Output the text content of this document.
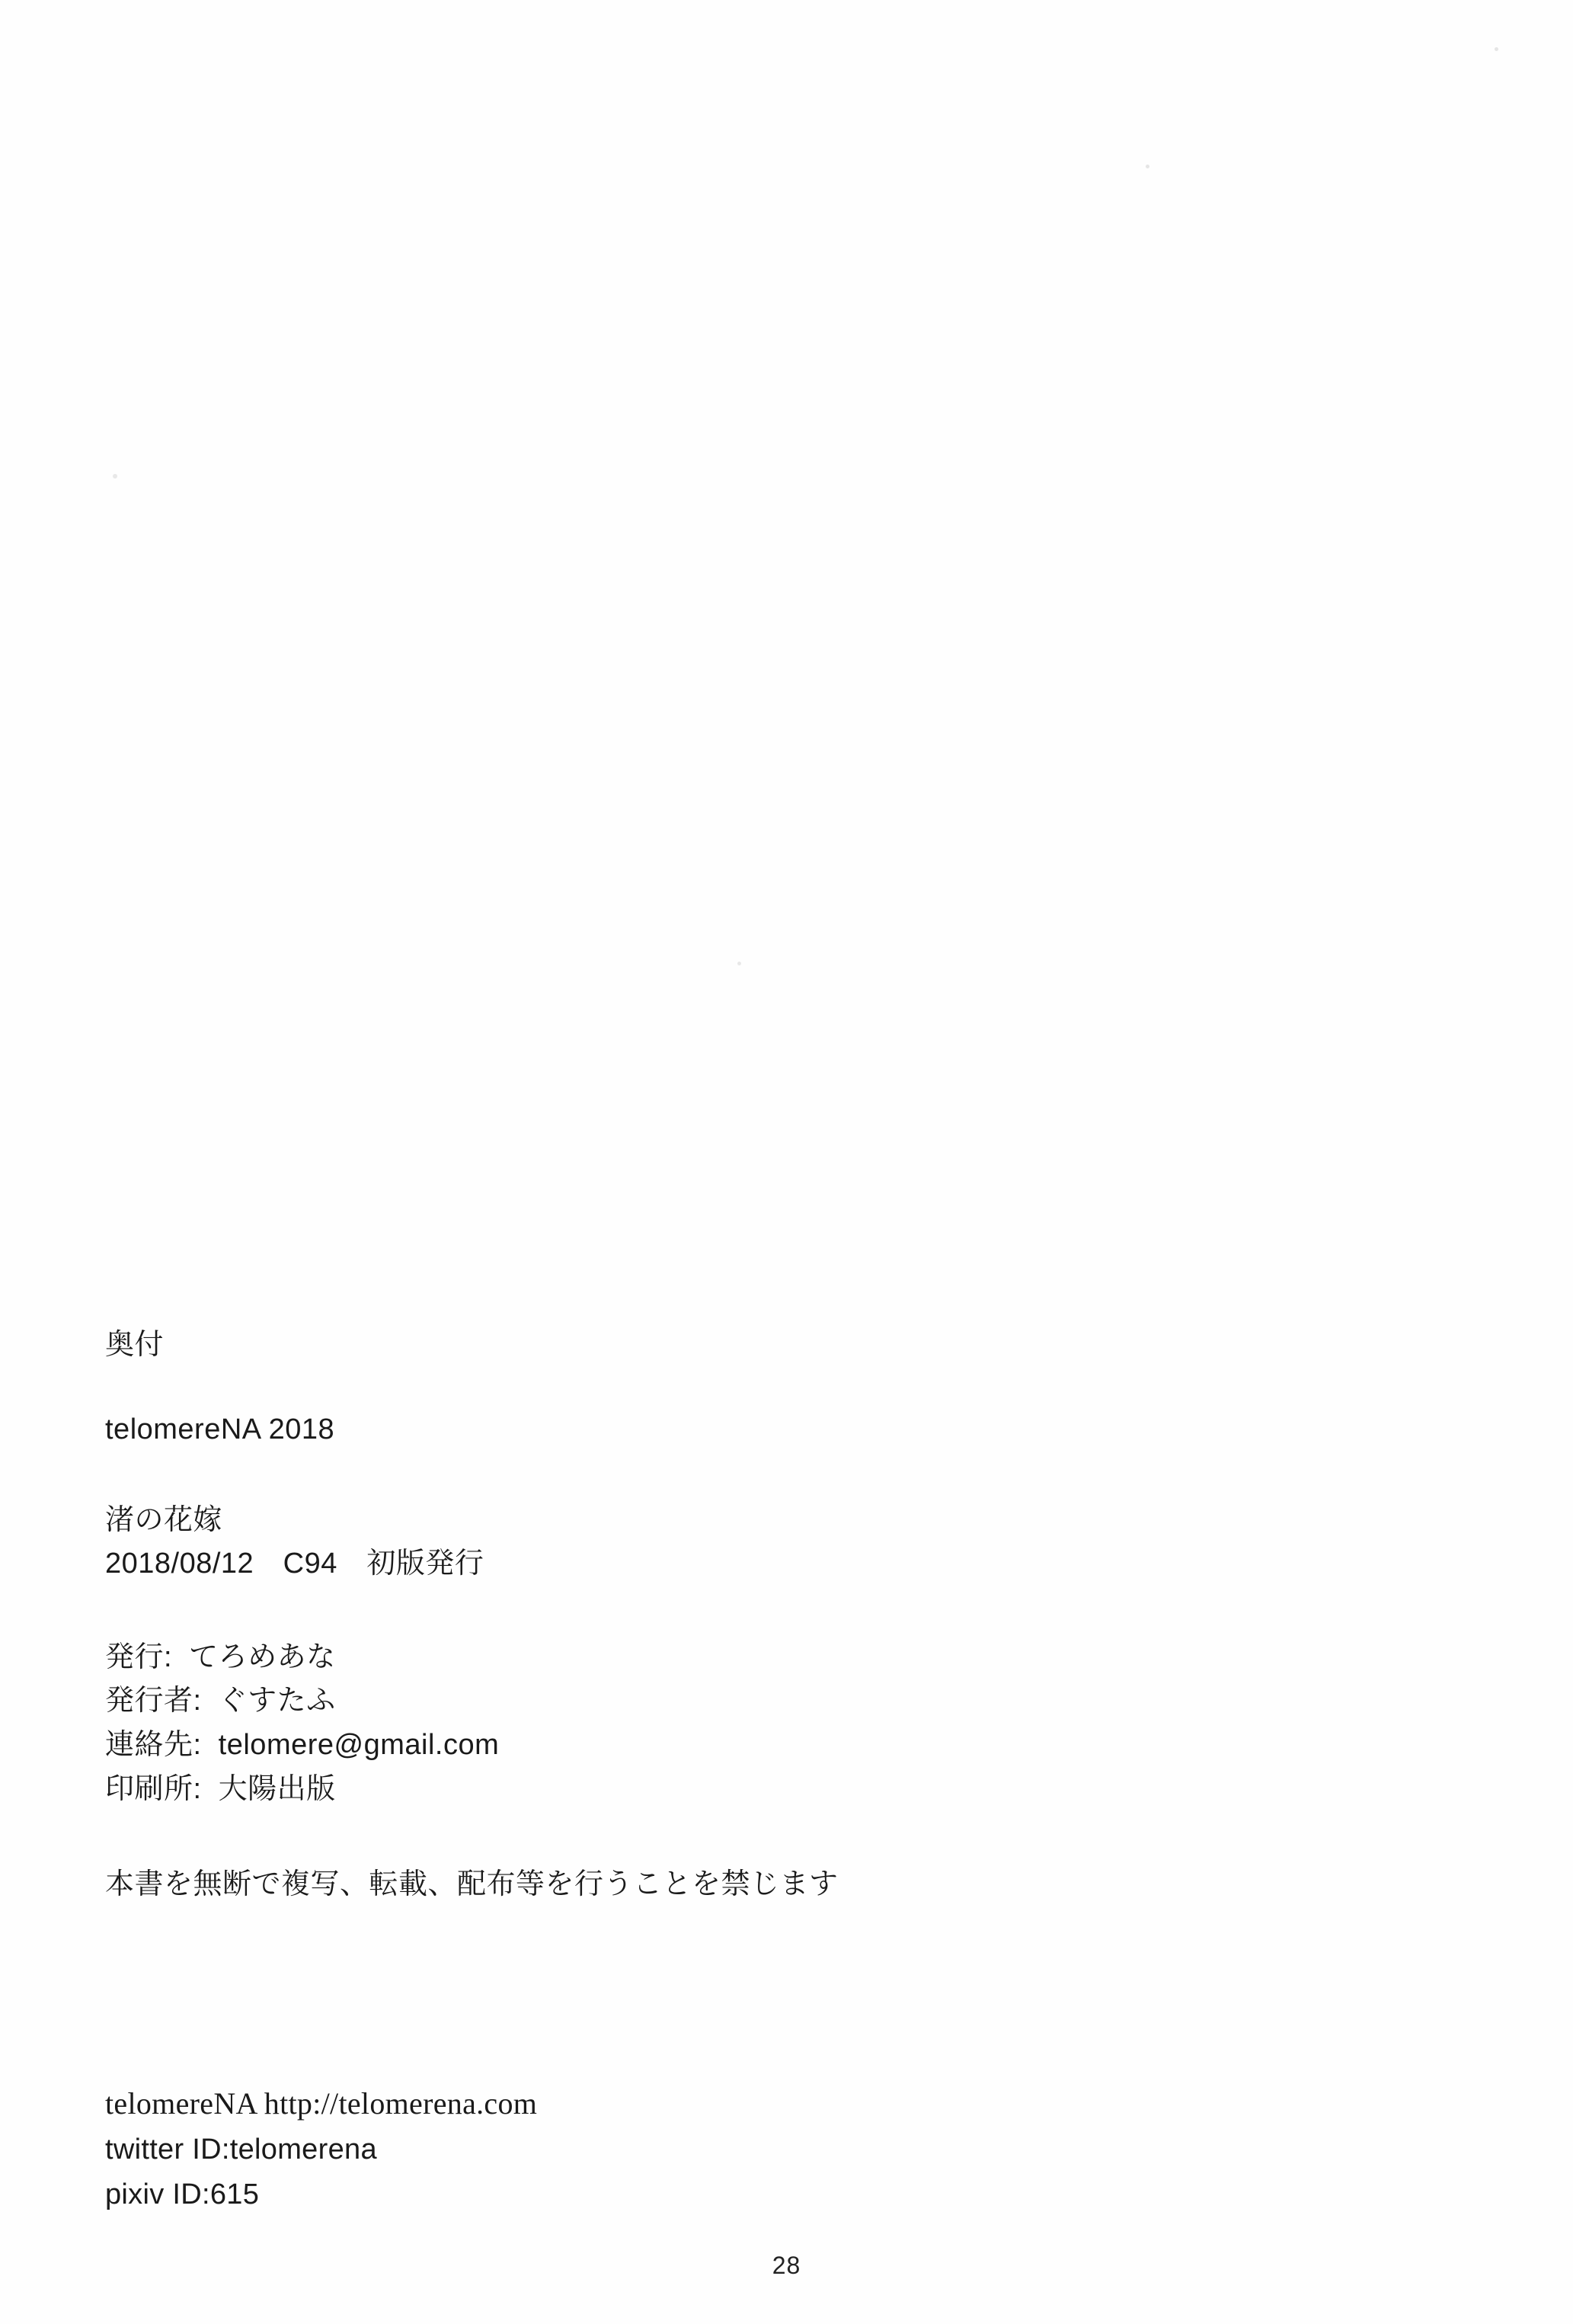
奥付

telomereNA 2018

渚の花嫁
2018/08/12　C94　初版発行
発行:  てろめあな
発行者:  ぐすたふ
連絡先:  telomere@gmail.com
印刷所:  大陽出版

本書を無断で複写、転載、配布等を行うことを禁じます

telomereNA http://telomerena.com
twitter ID:telomerena
pixiv ID:615
28
